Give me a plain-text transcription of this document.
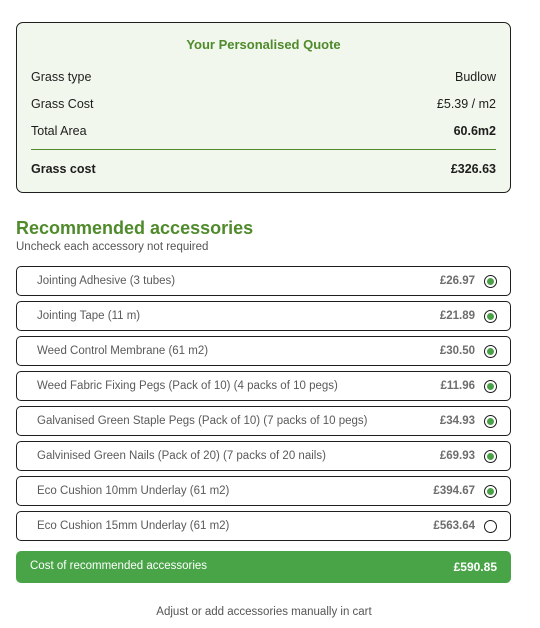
Your Personalised Quote
Grass type	Budlow
Grass Cost	£5.39 / m2
Total Area	60.6m2
Grass cost	£326.63
Recommended accessories
Uncheck each accessory not required
Jointing Adhesive (3 tubes)	£26.97
Jointing Tape (11 m)	£21.89
Weed Control Membrane (61 m2)	£30.50
Weed Fabric Fixing Pegs (Pack of 10) (4 packs of 10 pegs)	£11.96
Galvanised Green Staple Pegs (Pack of 10) (7 packs of 10 pegs)	£34.93
Galvinised Green Nails (Pack of 20) (7 packs of 20 nails)	£69.93
Eco Cushion 10mm Underlay (61 m2)	£394.67
Eco Cushion 15mm Underlay (61 m2)	£563.64
Cost of recommended accessories	£590.85
Adjust or add accessories manually in cart
